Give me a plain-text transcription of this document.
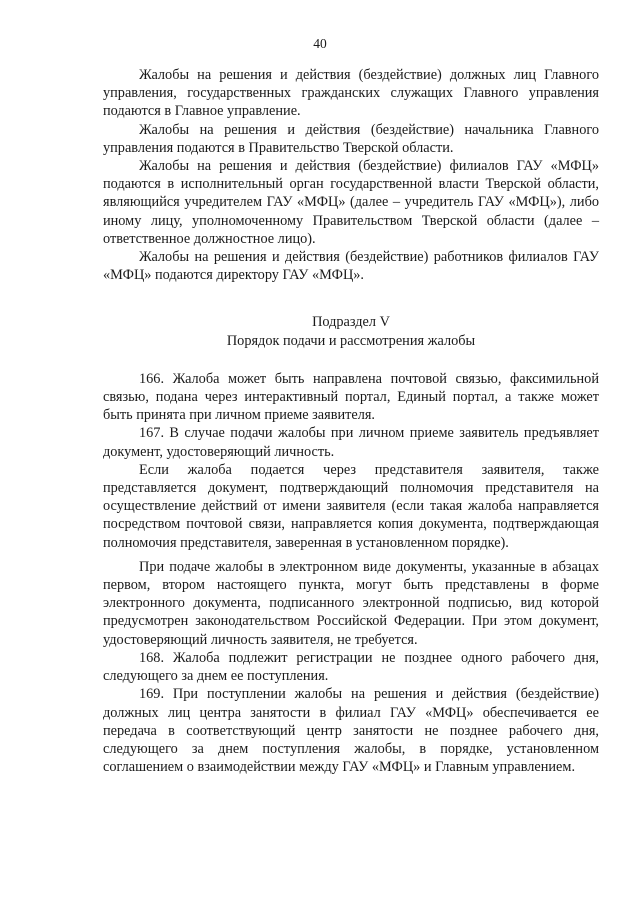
40

Жалобы на решения и действия (бездействие) должных лиц Главного управления, государственных гражданских служащих Главного управления подаются в Главное управление.

Жалобы на решения и действия (бездействие) начальника Главного управления подаются в Правительство Тверской области.

Жалобы на решения и действия (бездействие) филиалов ГАУ «МФЦ» подаются в исполнительный орган государственной власти Тверской области, являющийся учредителем ГАУ «МФЦ» (далее – учредитель ГАУ «МФЦ»), либо иному лицу, уполномоченному Правительством Тверской области (далее – ответственное должностное лицо).

Жалобы на решения и действия (бездействие) работников филиалов ГАУ «МФЦ» подаются директору ГАУ «МФЦ».

Подраздел V

Порядок подачи и рассмотрения жалобы

166. Жалоба может быть направлена почтовой связью, факсимильной связью, подана через интерактивный портал, Единый портал, а также может быть принята при личном приеме заявителя.

167. В случае подачи жалобы при личном приеме заявитель предъявляет документ, удостоверяющий личность.

Если жалоба подается через представителя заявителя, также представляется документ, подтверждающий полномочия представителя на осуществление действий от имени заявителя (если такая жалоба направляется посредством почтовой связи, направляется копия документа, подтверждающая полномочия представителя, заверенная в установленном порядке).

При подаче жалобы в электронном виде документы, указанные в абзацах первом, втором настоящего пункта, могут быть представлены в форме электронного документа, подписанного электронной подписью, вид которой предусмотрен законодательством Российской Федерации. При этом документ, удостоверяющий личность заявителя, не требуется.

168. Жалоба подлежит регистрации не позднее одного рабочего дня, следующего за днем ее поступления.

169. При поступлении жалобы на решения и действия (бездействие) должных лиц центра занятости в филиал ГАУ «МФЦ» обеспечивается ее передача в соответствующий центр занятости не позднее рабочего дня, следующего за днем поступления жалобы, в порядке, установленном соглашением о взаимодействии между ГАУ «МФЦ» и Главным управлением.
